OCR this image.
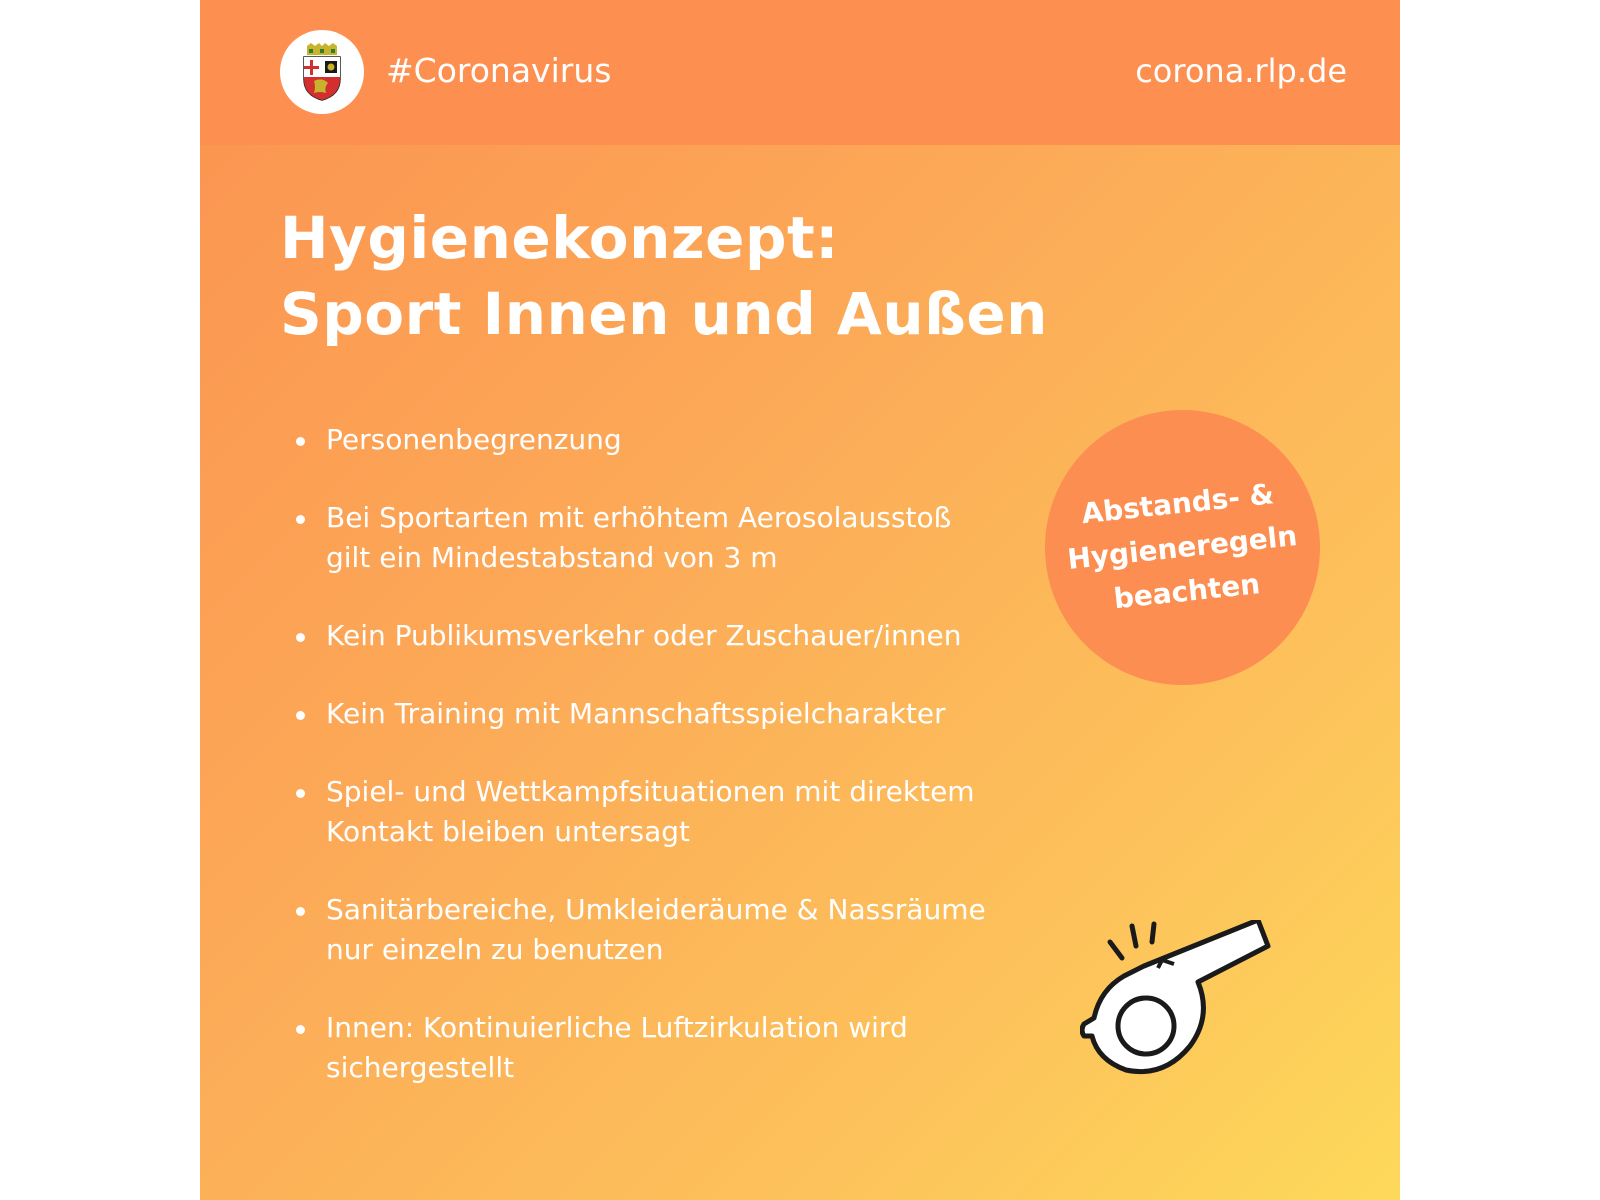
#Coronavirus	corona.rlp.de
Hygienekonzept:
Sport Innen und Außen
Personenbegrenzung
Bei Sportarten mit erhöhtem Aerosolausstoß
gilt ein Mindestabstand von 3 m
Kein Publikumsverkehr oder Zuschauer/innen
Kein Training mit Mannschaftsspielcharakter
Spiel- und Wettkampfsituationen mit direktem
Kontakt bleiben untersagt
Sanitärbereiche, Umkleideräume & Nassräume
nur einzeln zu benutzen
Innen: Kontinuierliche Luftzirkulation wird
sichergestellt
Abstands- &
Hygieneregeln
beachten
